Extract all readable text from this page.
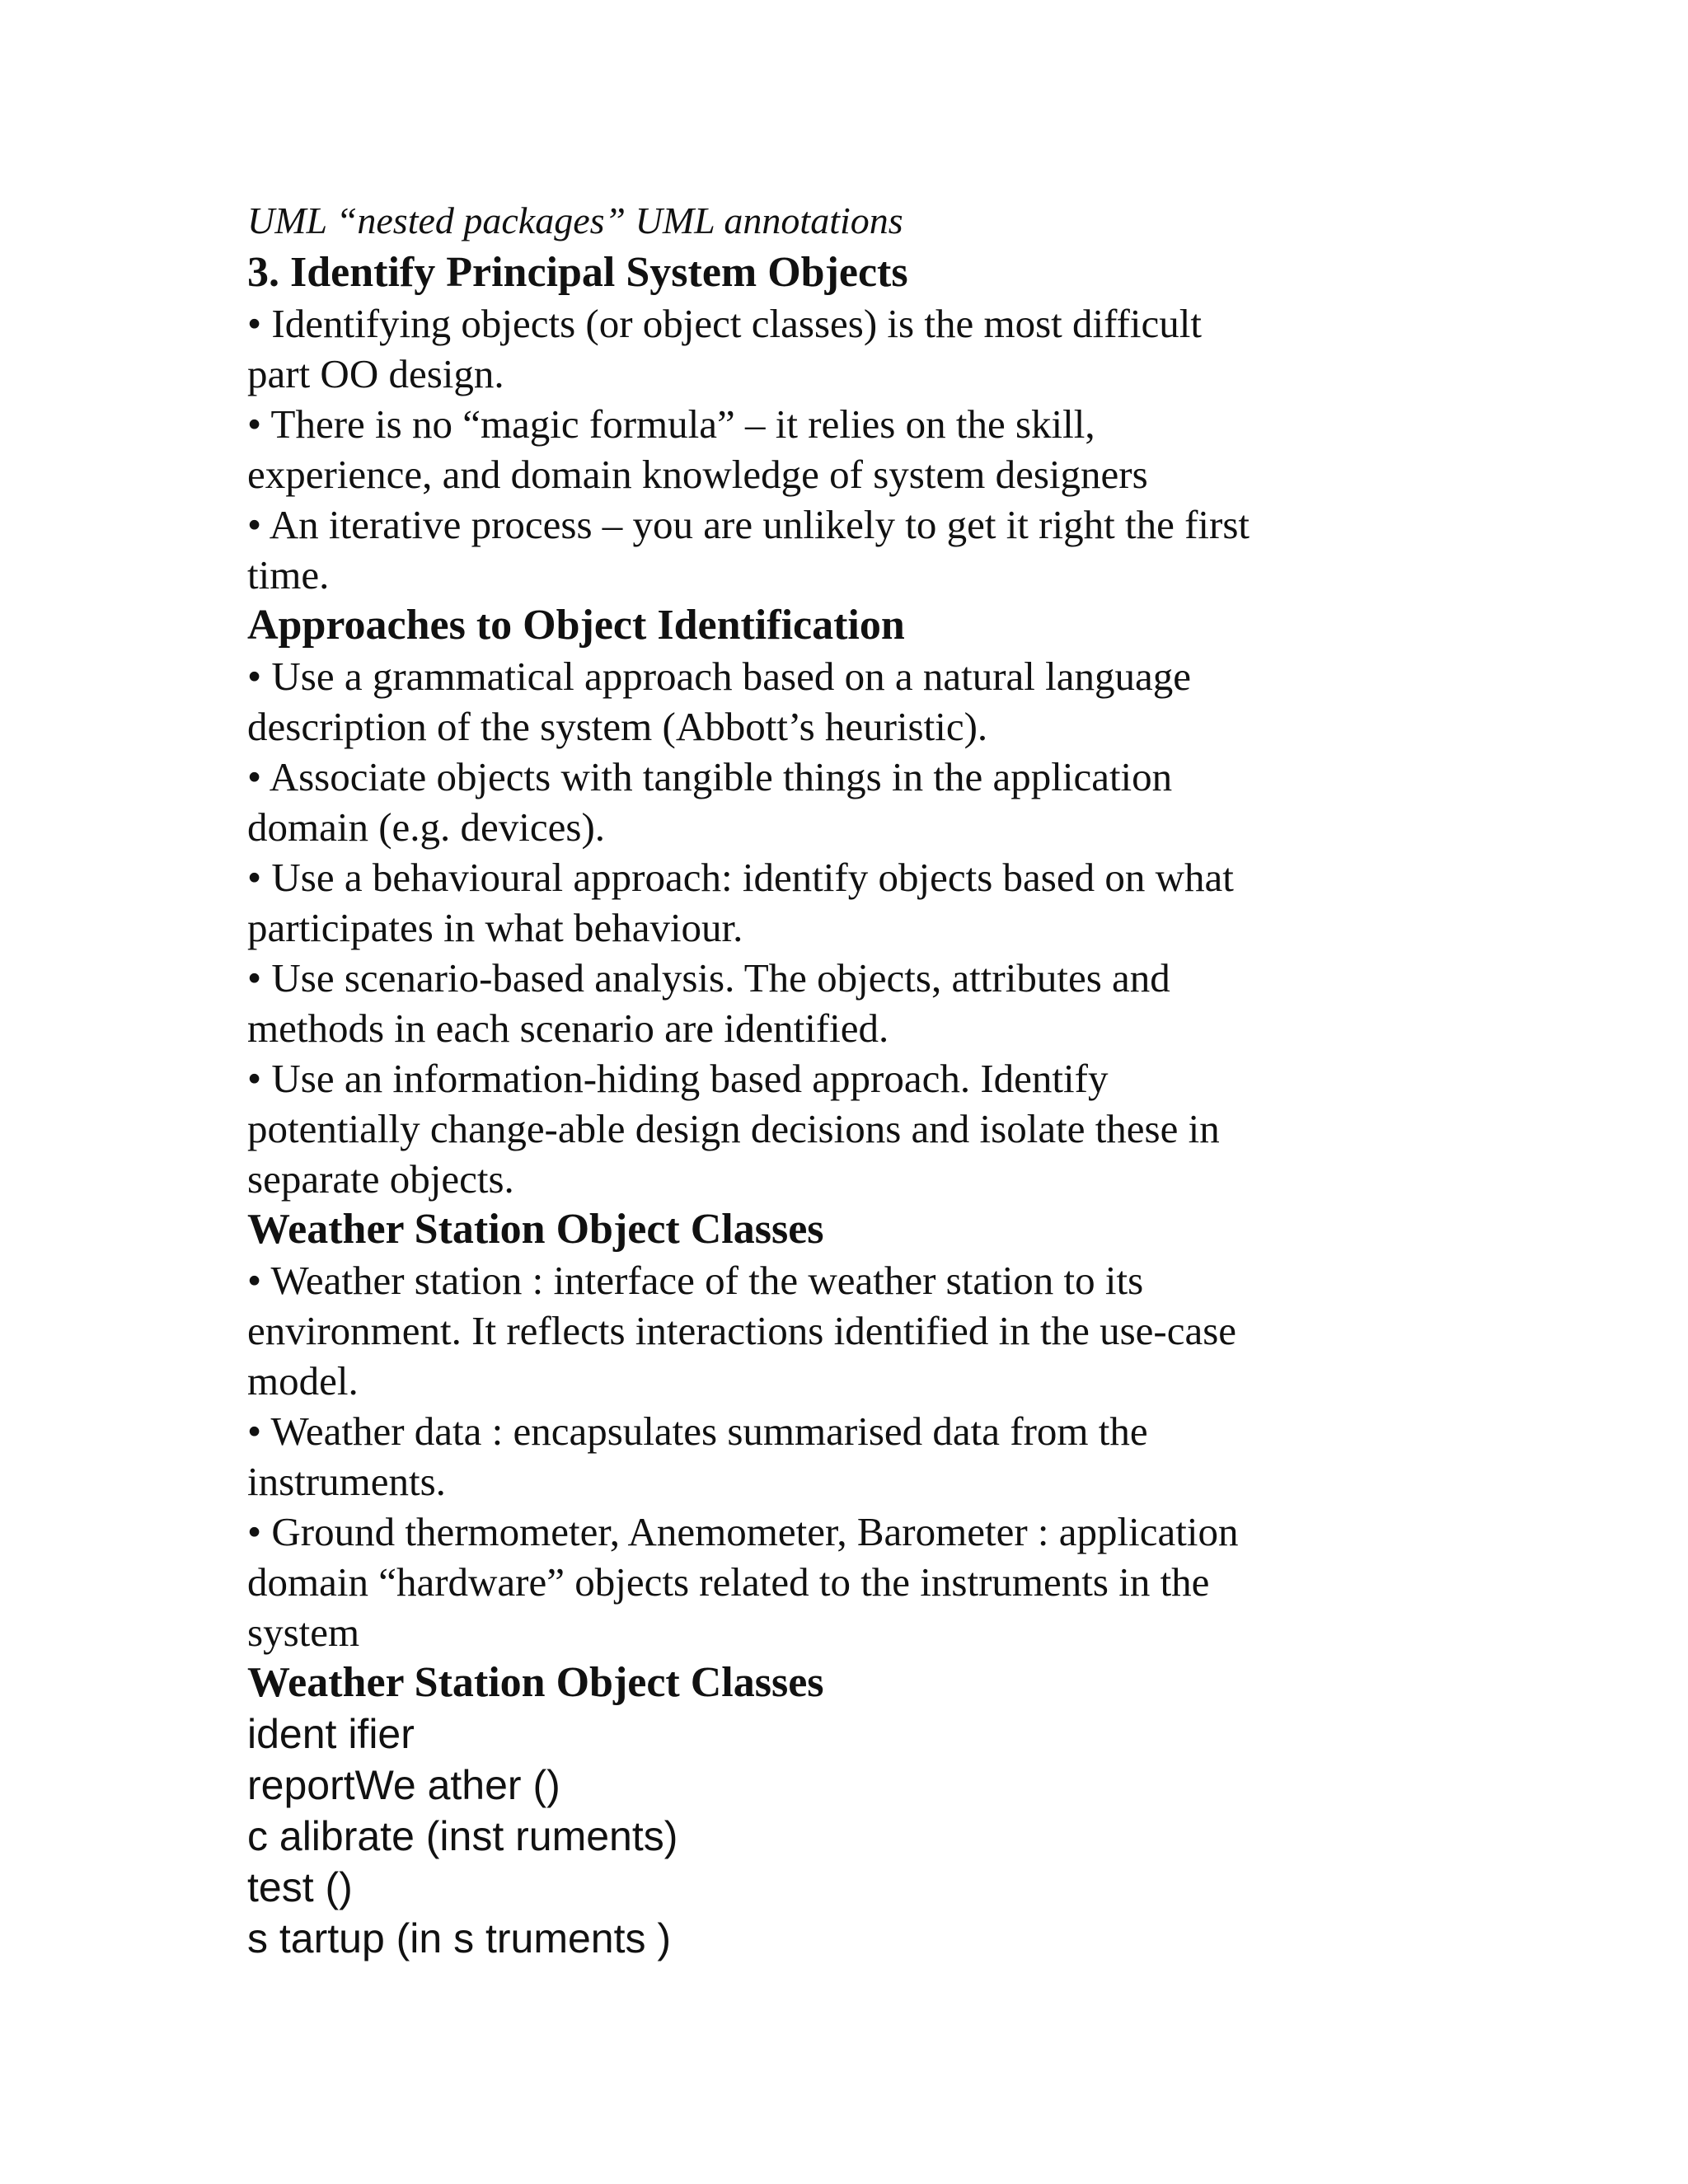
UML “nested packages” UML annotations
3. Identify Principal System Objects
• Identifying objects (or object classes) is the most difficult
part OO design.
• There is no “magic formula” – it relies on the skill,
experience, and domain knowledge of system designers
• An iterative process – you are unlikely to get it right the first
time.
Approaches to Object Identification
• Use a grammatical approach based on a natural language
description of the system (Abbott’s heuristic).
• Associate objects with tangible things in the application
domain (e.g. devices).
• Use a behavioural approach: identify objects based on what
participates in what behaviour.
• Use scenario-based analysis. The objects, attributes and
methods in each scenario are identified.
• Use an information-hiding based approach. Identify
potentially change-able design decisions and isolate these in
separate objects.
Weather Station Object Classes
• Weather station : interface of the weather station to its
environment. It reflects interactions identified in the use-case
model.
• Weather data : encapsulates summarised data from the
instruments.
• Ground thermometer, Anemometer, Barometer : application
domain “hardware” objects related to the instruments in the
system
Weather Station Object Classes
ident ifier
reportWe ather ()
c alibrate (inst ruments)
test ()
s tartup (in s truments )
